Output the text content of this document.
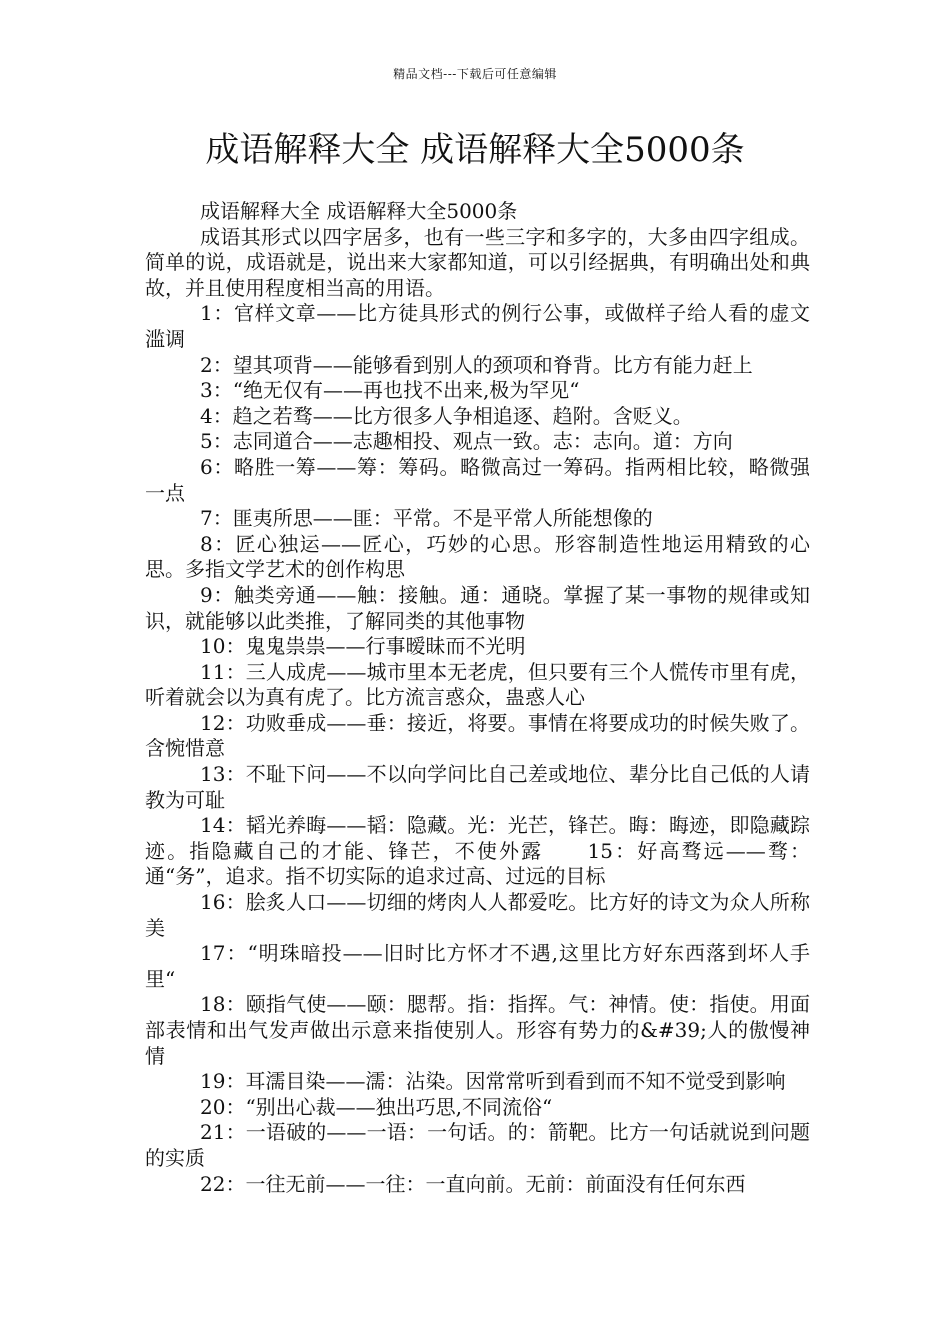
精品文档---下载后可任意编辑
成语解释大全 成语解释大全5000条

成语解释大全 成语解释大全5000条

成语其形式以四字居多，也有一些三字和多字的，大多由四字组成。简单的说，成语就是，说出来大家都知道，可以引经据典，有明确出处和典故，并且使用程度相当高的用语。

1：官样文章——比方徒具形式的例行公事，或做样子给人看的虚文滥调

2：望其项背——能够看到别人的颈项和脊背。比方有能力赶上

3：“绝无仅有——再也找不出来,极为罕见“

4：趋之若骛——比方很多人争相追逐、趋附。含贬义。

5：志同道合——志趣相投、观点一致。志：志向。道：方向

6：略胜一筹——筹：筹码。略微高过一筹码。指两相比较，略微强一点

7：匪夷所思——匪：平常。不是平常人所能想像的

8：匠心独运——匠心，巧妙的心思。形容制造性地运用精致的心思。多指文学艺术的创作构思

9：触类旁通——触：接触。通：通晓。掌握了某一事物的规律或知识，就能够以此类推，了解同类的其他事物

10：鬼鬼祟祟——行事暧昧而不光明

11：三人成虎——城市里本无老虎，但只要有三个人慌传市里有虎，听着就会以为真有虎了。比方流言惑众，蛊惑人心

12：功败垂成——垂：接近，将要。事情在将要成功的时候失败了。含惋惜意

13：不耻下问——不以向学问比自己差或地位、辈分比自己低的人请教为可耻

14：韬光养晦——韬：隐藏。光：光芒，锋芒。晦：晦迹，即隐藏踪迹。指隐藏自己的才能、锋芒，不使外露　　15：好高骛远——骛：通“务”，追求。指不切实际的追求过高、过远的目标

16：脍炙人口——切细的烤肉人人都爱吃。比方好的诗文为众人所称美

17：“明珠暗投——旧时比方怀才不遇,这里比方好东西落到坏人手里“

18：颐指气使——颐：腮帮。指：指挥。气：神情。使：指使。用面部表情和出气发声做出示意来指使别人。形容有势力的&#39;人的傲慢神情

19：耳濡目染——濡：沾染。因常常听到看到而不知不觉受到影响

20：“别出心裁——独出巧思,不同流俗“

21：一语破的——一语：一句话。的：箭靶。比方一句话就说到问题的实质

22：一往无前——一往：一直向前。无前：前面没有任何东西
